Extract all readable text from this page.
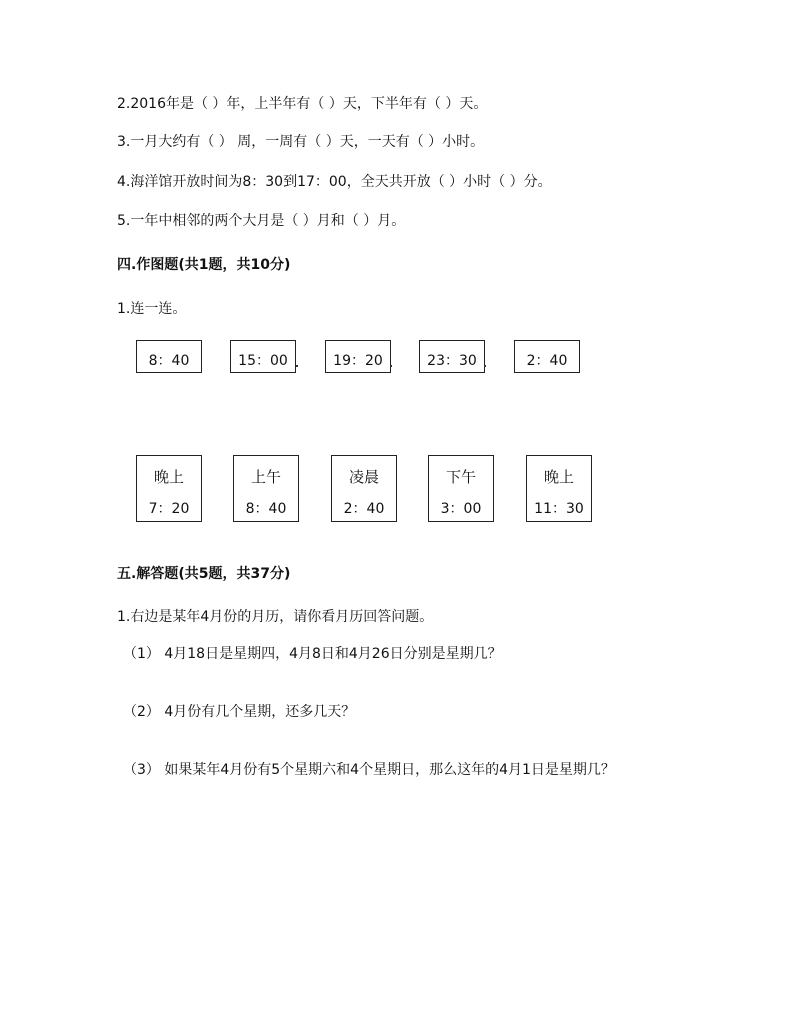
2.2016年是（ ）年，上半年有（ ）天，下半年有（ ）天。
3.一月大约有（ ） 周，一周有（ ）天，一天有（ ）小时。
4.海洋馆开放时间为8：30到17：00，全天共开放（ ）小时（ ）分。
5.一年中相邻的两个大月是（ ）月和（ ）月。
四.作图题(共1题，共10分)
1.连一连。
8：40	15：00	19：20	23：30	2：40
晚上
7：20
上午
8：40
凌晨
2：40
下午
3：00
晚上
11：30
五.解答题(共5题，共37分)
1.右边是某年4月份的月历，请你看月历回答问题。
（1） 4月18日是星期四，4月8日和4月26日分别是星期几？
（2） 4月份有几个星期，还多几天？
（3） 如果某年4月份有5个星期六和4个星期日，那么这年的4月1日是星期几？
